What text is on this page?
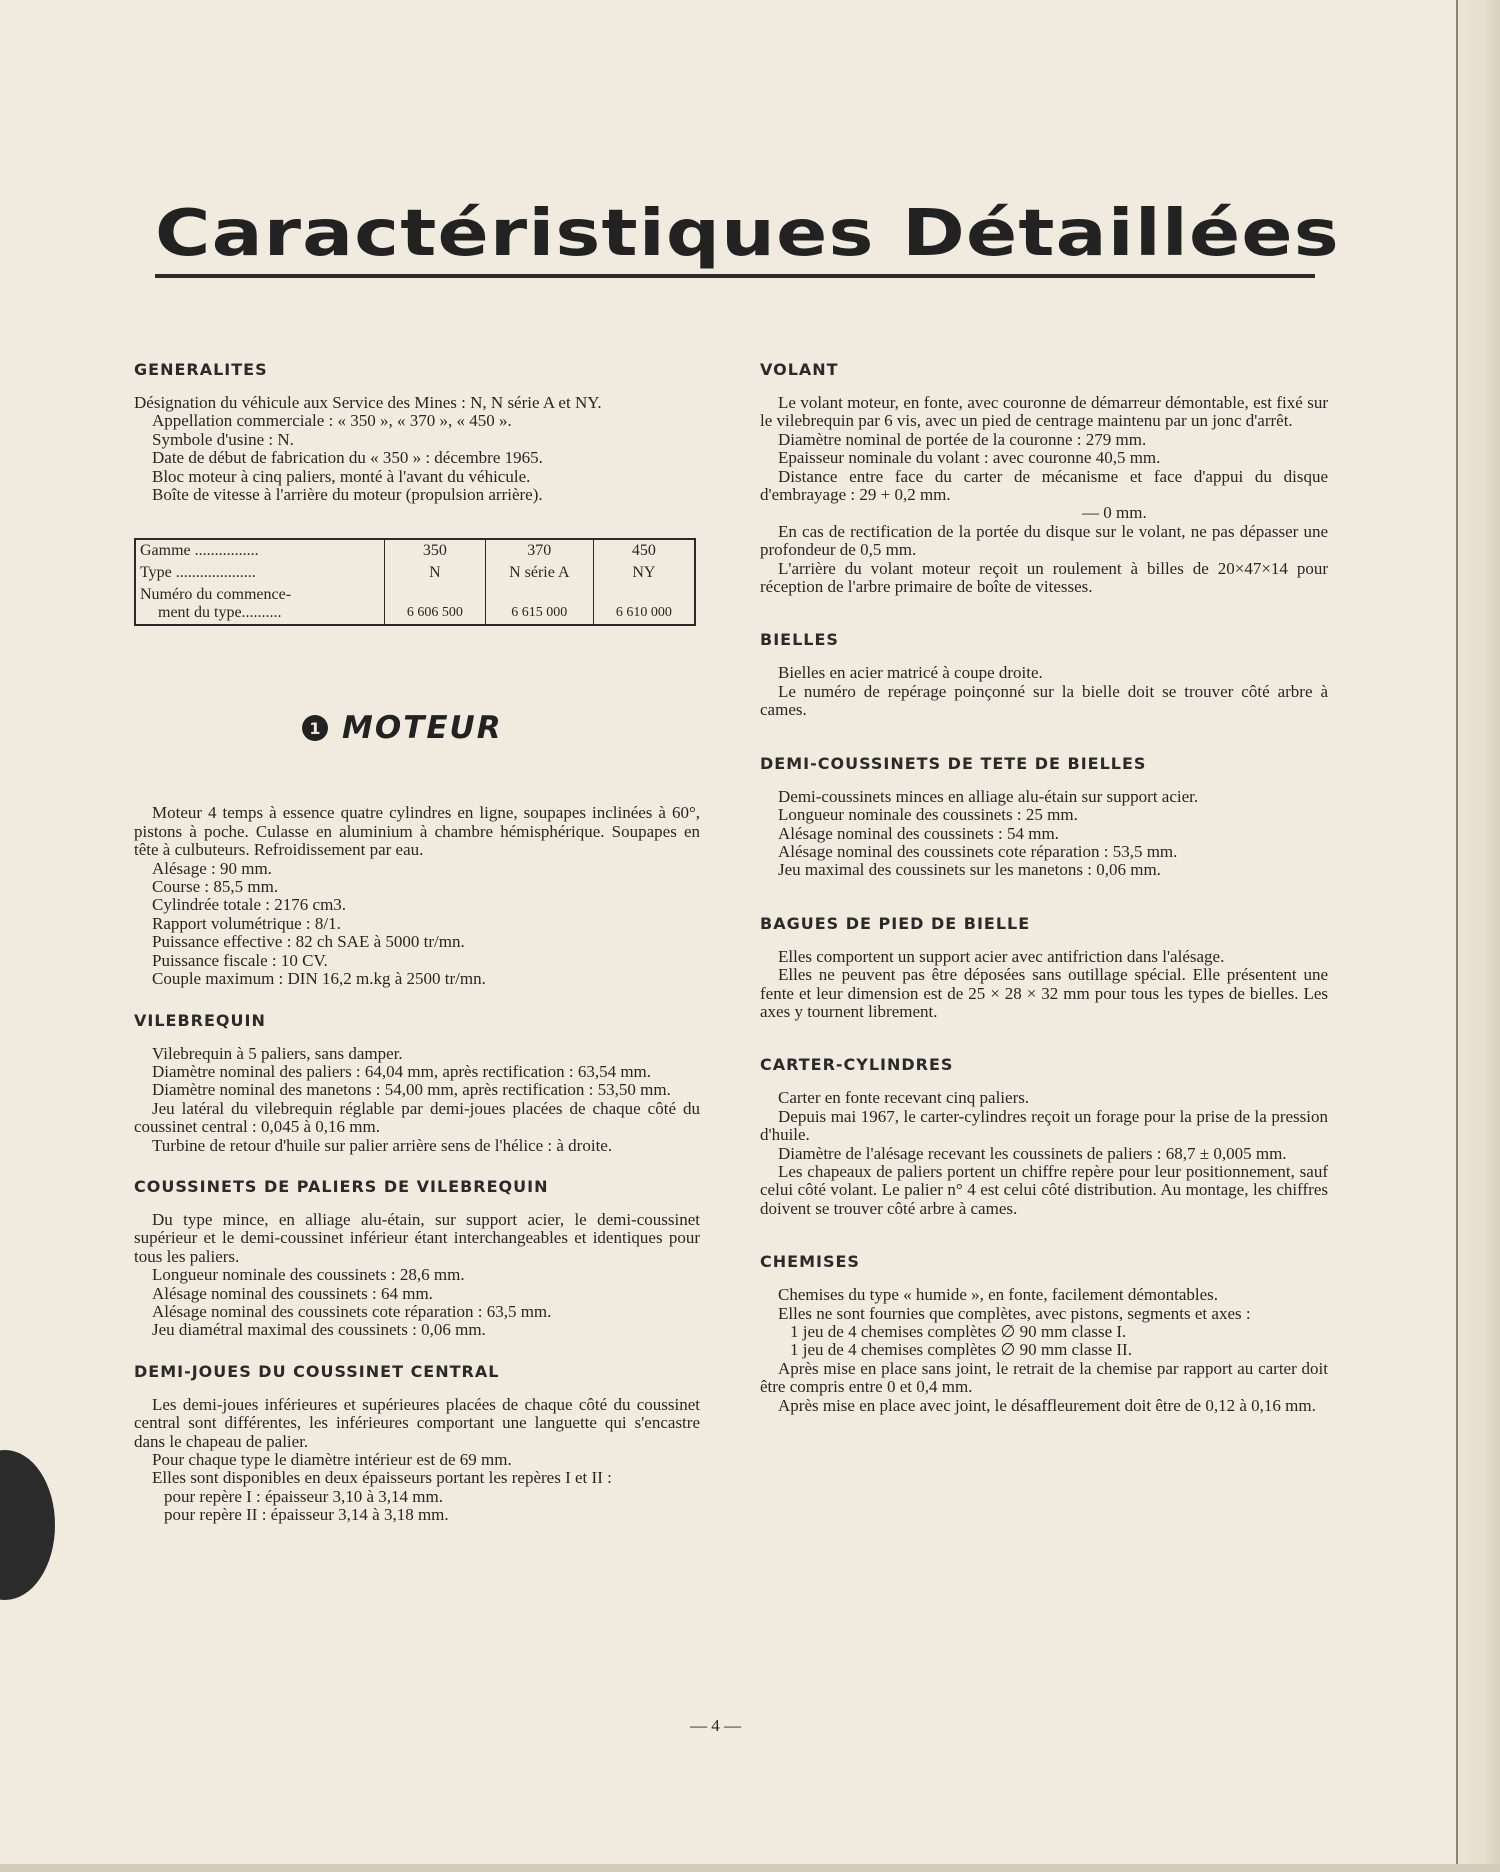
Caractéristiques Détaillées
GENERALITES

Désignation du véhicule aux Service des Mines : N, N série A et NY.

Appellation commerciale : « 350 », « 370 », « 450 ».

Symbole d'usine : N.

Date de début de fabrication du « 350 » : décembre 1965.

Bloc moteur à cinq paliers, monté à l'avant du véhicule.

Boîte de vitesse à l'arrière du moteur (propulsion arrière).

Gamme ................	350	370	450
Type ....................	N	N série A	NY

Numéro du commence-
ment du type..........	6 606 500	6 615 000	6 610 000
1 MOTEUR

Moteur 4 temps à essence quatre cylindres en ligne, soupapes inclinées à 60°, pistons à poche. Culasse en aluminium à chambre hémisphérique. Soupapes en tête à culbuteurs. Refroidissement par eau.

Alésage : 90 mm.

Course : 85,5 mm.

Cylindrée totale : 2176 cm3.

Rapport volumétrique : 8/1.

Puissance effective : 82 ch SAE à 5000 tr/mn.

Puissance fiscale : 10 CV.

Couple maximum : DIN 16,2 m.kg à 2500 tr/mn.

VILEBREQUIN

Vilebrequin à 5 paliers, sans damper.

Diamètre nominal des paliers : 64,04 mm, après rectification : 63,54 mm.

Diamètre nominal des manetons : 54,00 mm, après rectification : 53,50 mm.

Jeu latéral du vilebrequin réglable par demi-joues placées de chaque côté du coussinet central : 0,045 à 0,16 mm.

Turbine de retour d'huile sur palier arrière sens de l'hélice : à droite.

COUSSINETS DE PALIERS DE VILEBREQUIN

Du type mince, en alliage alu-étain, sur support acier, le demi-coussinet supérieur et le demi-coussinet inférieur étant interchangeables et identiques pour tous les paliers.

Longueur nominale des coussinets : 28,6 mm.

Alésage nominal des coussinets : 64 mm.

Alésage nominal des coussinets cote réparation : 63,5 mm.

Jeu diamétral maximal des coussinets : 0,06 mm.

DEMI-JOUES DU COUSSINET CENTRAL

Les demi-joues inférieures et supérieures placées de chaque côté du coussinet central sont différentes, les inférieures comportant une languette qui s'encastre dans le chapeau de palier.

Pour chaque type le diamètre intérieur est de 69 mm.

Elles sont disponibles en deux épaisseurs portant les repères I et II :

pour repère I : épaisseur 3,10 à 3,14 mm.

pour repère II : épaisseur 3,14 à 3,18 mm.

VOLANT

Le volant moteur, en fonte, avec couronne de démarreur démontable, est fixé sur le vilebrequin par 6 vis, avec un pied de centrage maintenu par un jonc d'arrêt.

Diamètre nominal de portée de la couronne : 279 mm.

Epaisseur nominale du volant : avec couronne 40,5 mm.

Distance entre face du carter de mécanisme et face d'appui du disque d'embrayage : 29 + 0,2 mm.

— 0 mm.

En cas de rectification de la portée du disque sur le volant, ne pas dépasser une profondeur de 0,5 mm.

L'arrière du volant moteur reçoit un roulement à billes de 20×47×14 pour réception de l'arbre primaire de boîte de vitesses.

BIELLES

Bielles en acier matricé à coupe droite.

Le numéro de repérage poinçonné sur la bielle doit se trouver côté arbre à cames.

DEMI-COUSSINETS DE TETE DE BIELLES

Demi-coussinets minces en alliage alu-étain sur support acier.

Longueur nominale des coussinets : 25 mm.

Alésage nominal des coussinets : 54 mm.

Alésage nominal des coussinets cote réparation : 53,5 mm.

Jeu maximal des coussinets sur les manetons : 0,06 mm.

BAGUES DE PIED DE BIELLE

Elles comportent un support acier avec antifriction dans l'alésage.

Elles ne peuvent pas être déposées sans outillage spécial. Elle présentent une fente et leur dimension est de 25 × 28 × 32 mm pour tous les types de bielles. Les axes y tournent librement.

CARTER-CYLINDRES

Carter en fonte recevant cinq paliers.

Depuis mai 1967, le carter-cylindres reçoit un forage pour la prise de la pression d'huile.

Diamètre de l'alésage recevant les coussinets de paliers : 68,7 ± 0,005 mm.

Les chapeaux de paliers portent un chiffre repère pour leur positionnement, sauf celui côté volant. Le palier n° 4 est celui côté distribution. Au montage, les chiffres doivent se trouver côté arbre à cames.

CHEMISES

Chemises du type « humide », en fonte, facilement démontables.

Elles ne sont fournies que complètes, avec pistons, segments et axes :

1 jeu de 4 chemises complètes ∅ 90 mm classe I.

1 jeu de 4 chemises complètes ∅ 90 mm classe II.

Après mise en place sans joint, le retrait de la chemise par rapport au carter doit être compris entre 0 et 0,4 mm.

Après mise en place avec joint, le désaffleurement doit être de 0,12 à 0,16 mm.

— 4 —
